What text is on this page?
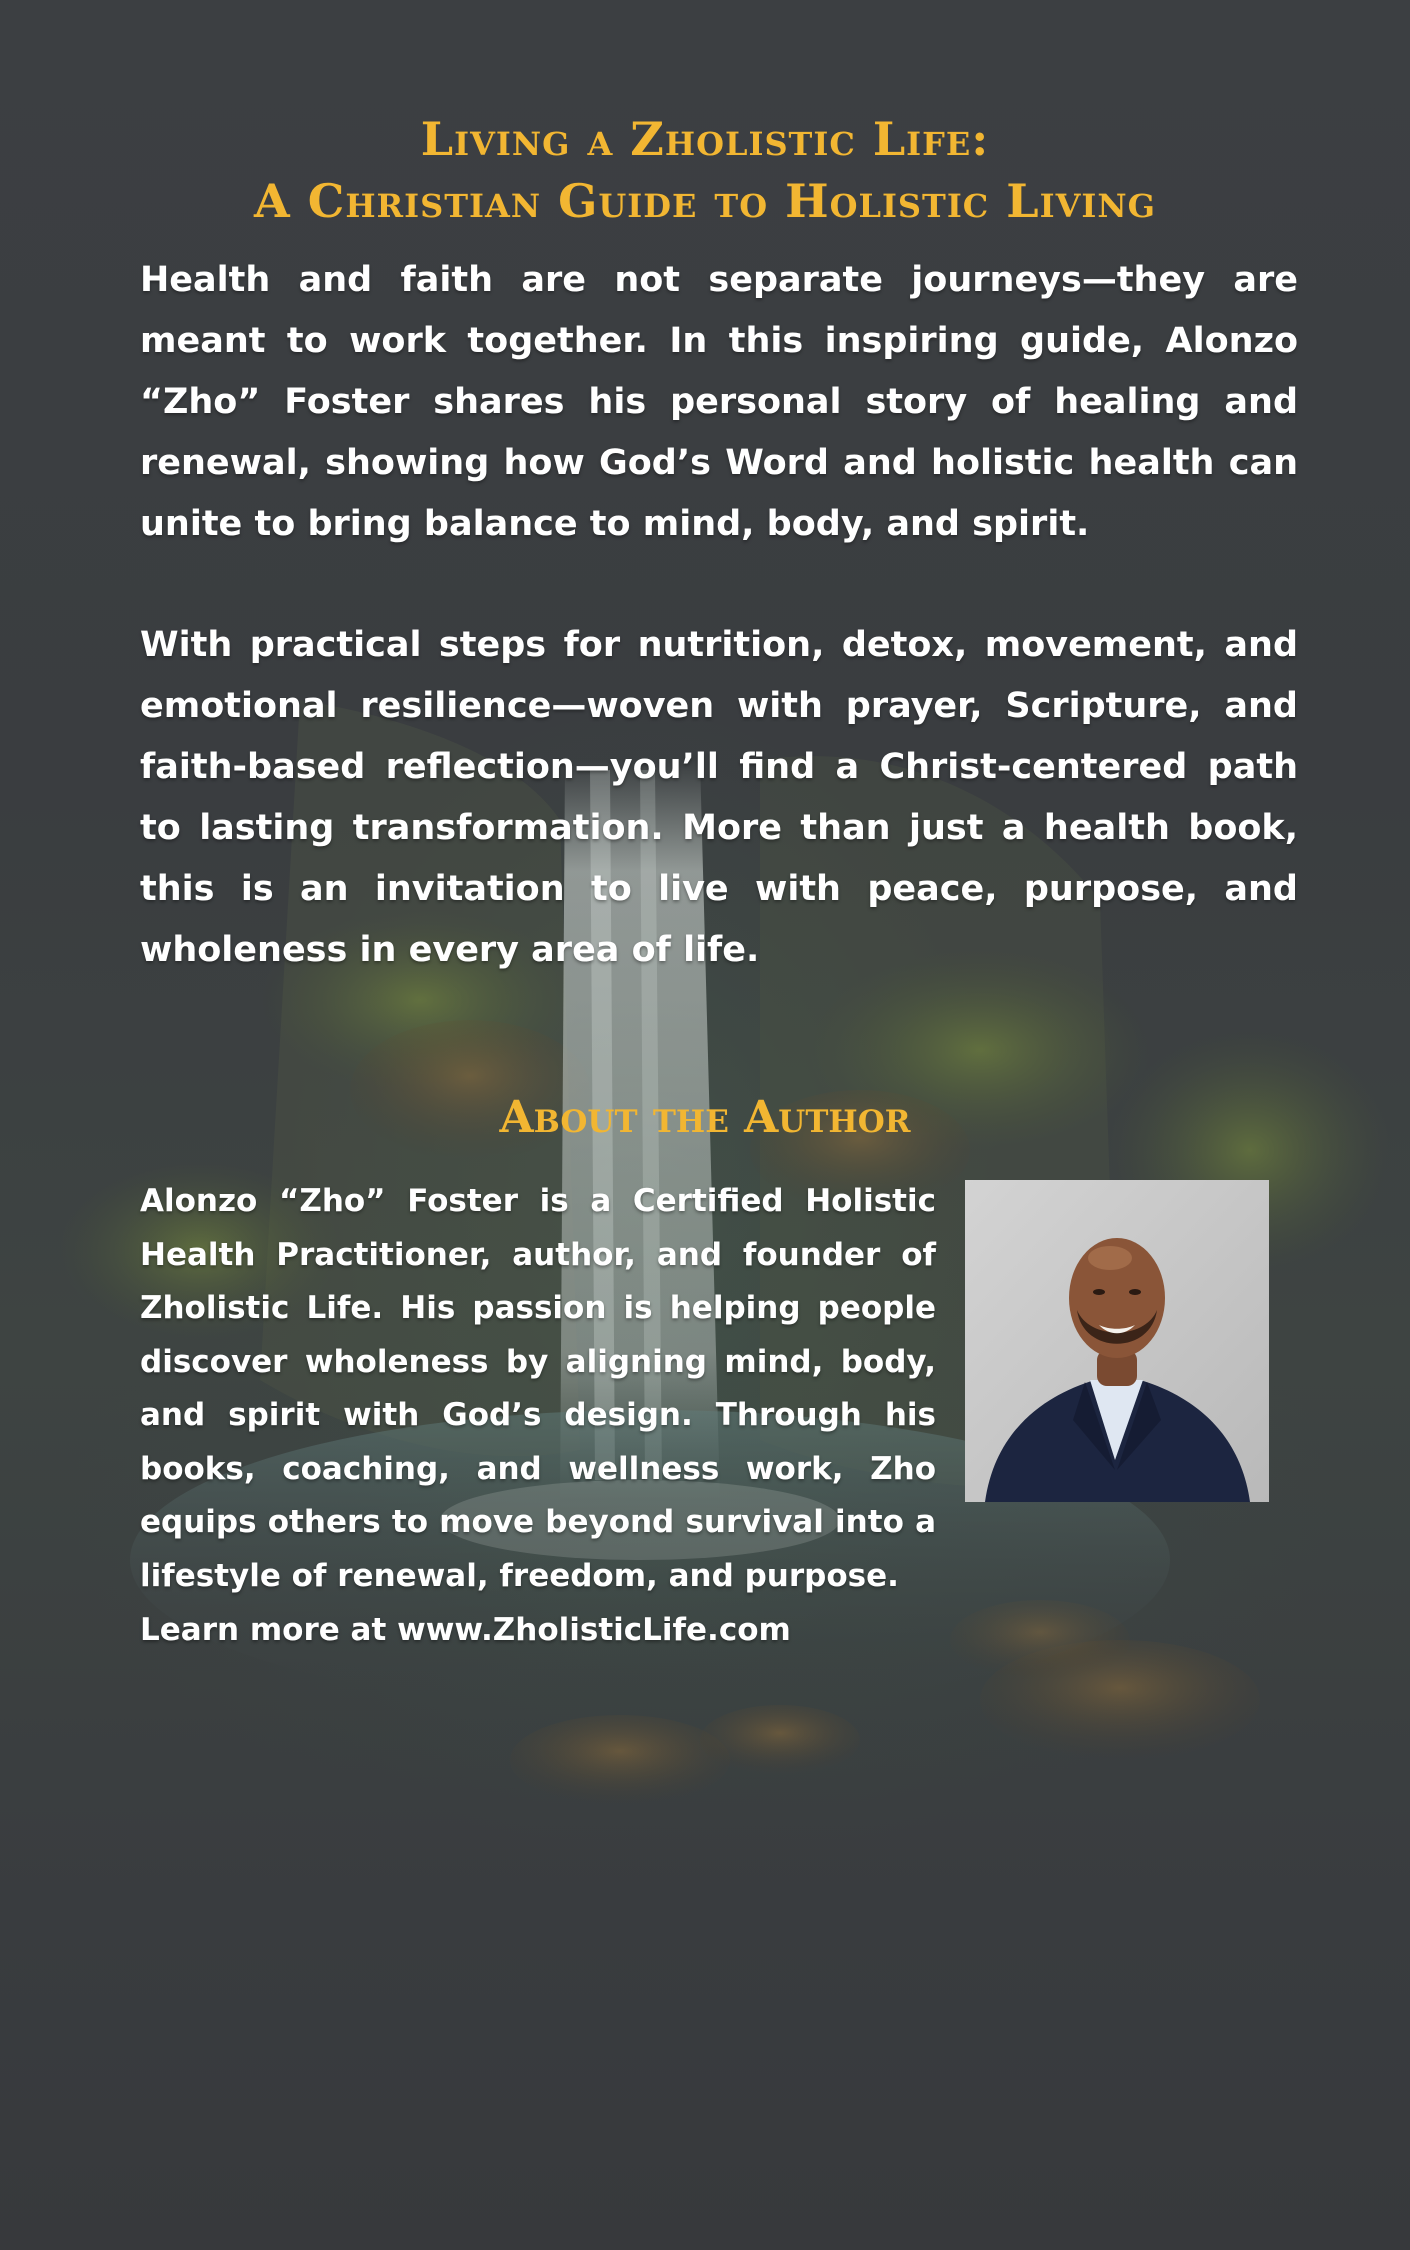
Living a Zholistic Life:
A Christian Guide to Holistic Living

Health and faith are not separate journeys—they are meant to work together. In this inspiring guide, Alonzo “Zho” Foster shares his personal story of healing and renewal, showing how God’s Word and holistic health can unite to bring balance to mind, body, and spirit.

With practical steps for nutrition, detox, movement, and emotional resilience—woven with prayer, Scripture, and faith-based reflection—you’ll find a Christ-centered path to lasting transformation. More than just a health book, this is an invitation to live with peace, purpose, and wholeness in every area of life.

About the Author

Alonzo “Zho” Foster is a Certified Holistic Health Practitioner, author, and founder of Zholistic Life. His passion is helping people discover wholeness by aligning mind, body, and spirit with God’s design. Through his books, coaching, and wellness work, Zho equips others to move beyond survival into a lifestyle of renewal, freedom, and purpose.

Learn more at www.ZholisticLife.com
